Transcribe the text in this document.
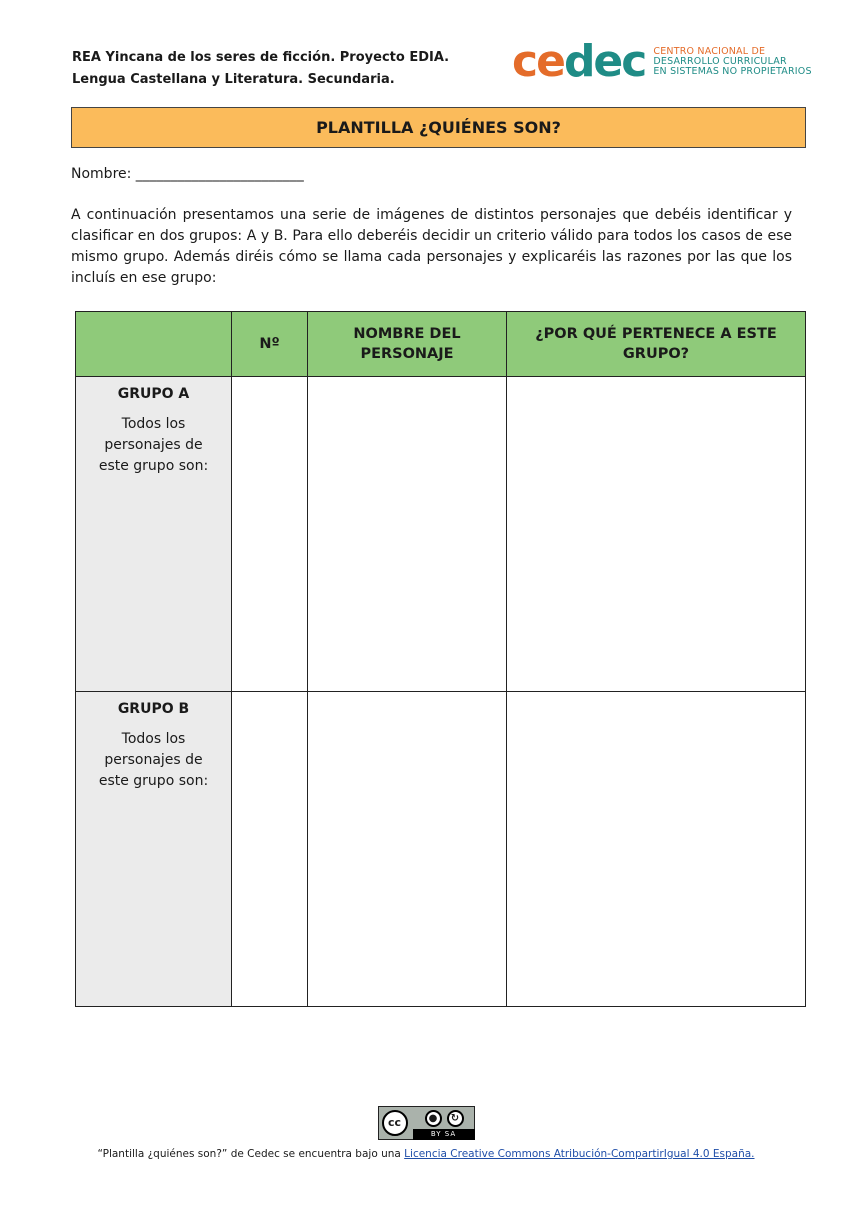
REA Yincana de los seres de ficción. Proyecto EDIA.
Lengua Castellana y Literatura. Secundaria.	cedec CENTRO NACIONAL DE
DESARROLLO CURRICULAR
EN SISTEMAS NO PROPIETARIOS
PLANTILLA ¿QUIÉNES SON?
Nombre: ________________________
A continuación presentamos una serie de imágenes de distintos personajes que debéis identificar y clasificar en dos grupos: A y B. Para ello deberéis decidir un criterio válido para todos los casos de ese mismo grupo. Además diréis cómo se llama cada personajes y explicaréis las razones por las que los incluís en ese grupo:
	Nº	NOMBRE DEL PERSONAJE	¿POR QUÉ PERTENECE A ESTE GRUPO?

GRUPO A
Todos los personajes de este grupo son:			

GRUPO B
Todos los personajes de este grupo son:			

cc	●	↻
BY SA
“Plantilla ¿quiénes son?” de Cedec se encuentra bajo una Licencia Creative Commons Atribución-CompartirIgual 4.0 España.
